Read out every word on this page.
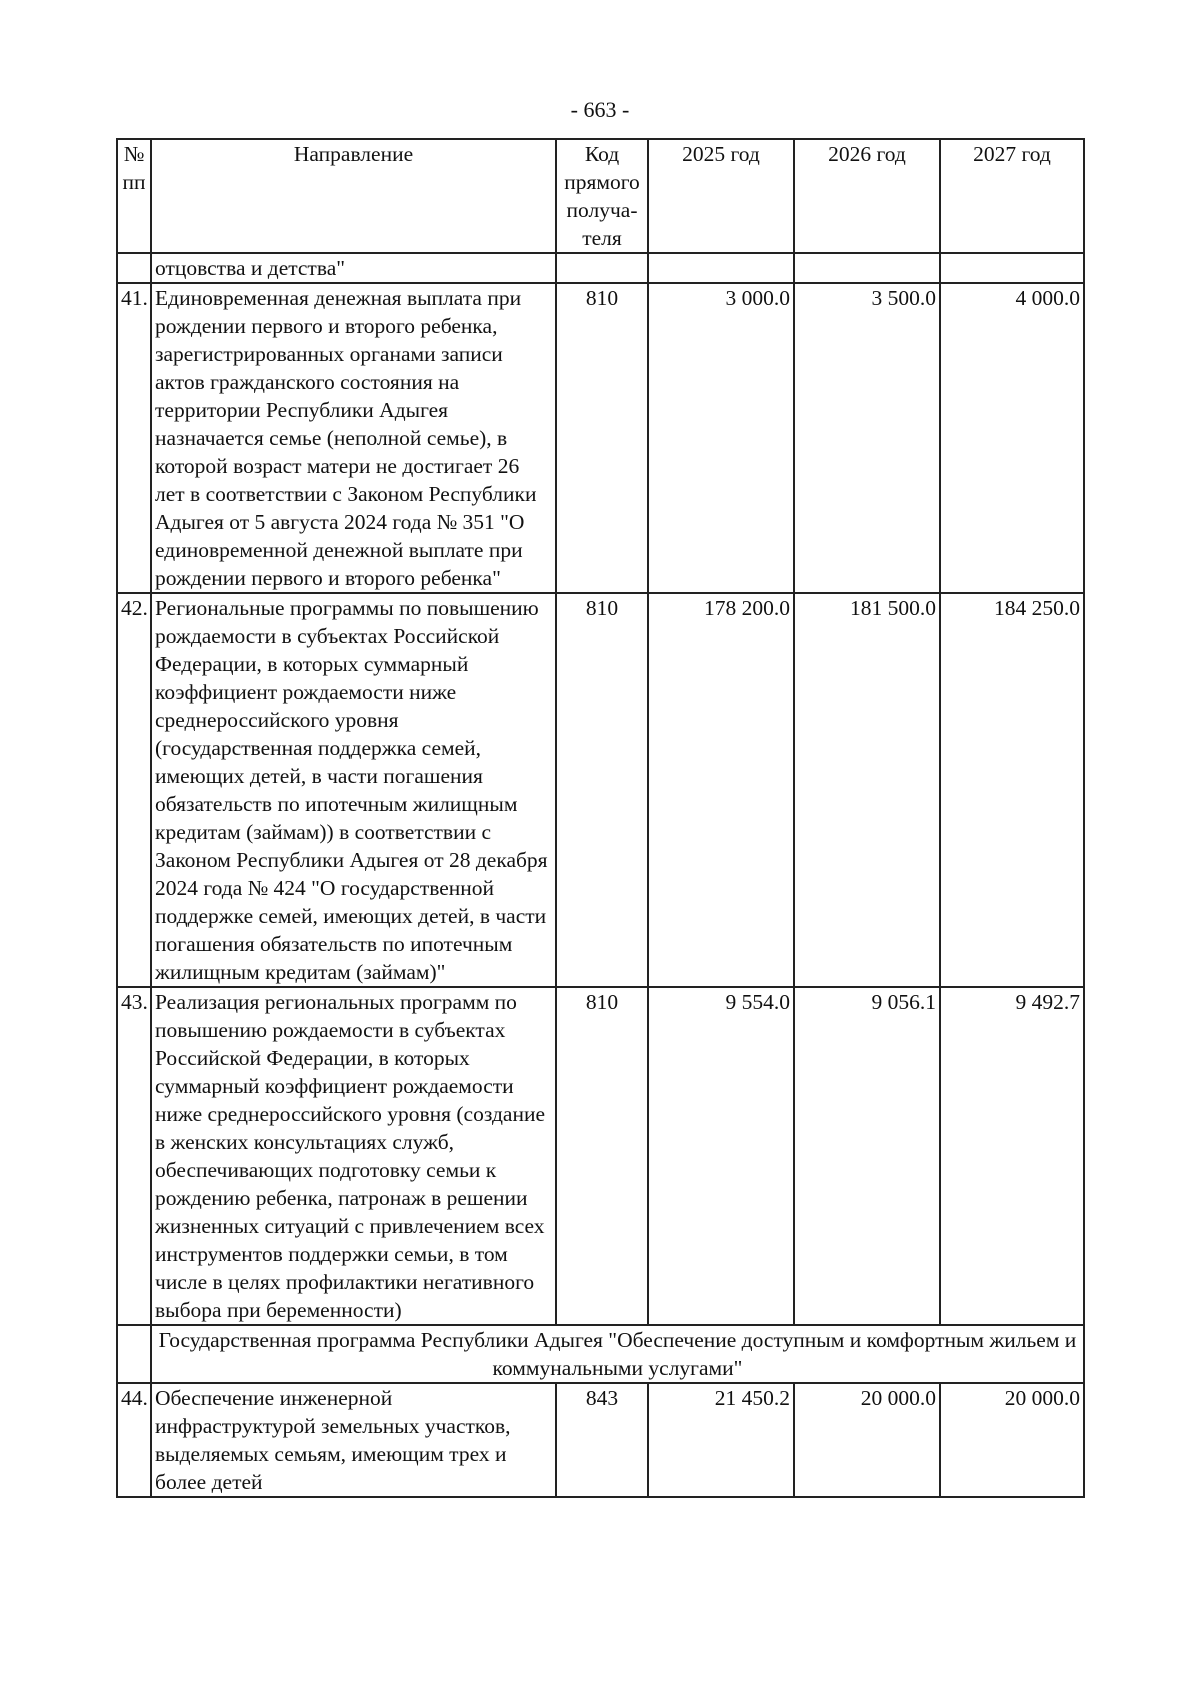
- 663 -
№ пп	Направление	Код прямого получа-теля	2025 год	2026 год	2027 год
	отцовства и детства"				
41.	Единовременная денежная выплата при рождении первого и второго ребенка, зарегистрированных органами записи актов гражданского состояния на территории Республики Адыгея назначается семье (неполной семье), в которой возраст матери не достигает 26 лет в соответствии с Законом Республики Адыгея от 5 августа 2024 года № 351 "О единовременной денежной выплате при рождении первого и второго ребенка"	810	3 000.0	3 500.0	4 000.0
42.	Региональные программы по повышению рождаемости в субъектах Российской Федерации, в которых суммарный коэффициент рождаемости ниже среднероссийского уровня (государственная поддержка семей, имеющих детей, в части погашения обязательств по ипотечным жилищным кредитам (займам)) в соответствии с Законом Республики Адыгея от 28 декабря 2024 года № 424 "О государственной поддержке семей, имеющих детей, в части погашения обязательств по ипотечным жилищным кредитам (займам)"	810	178 200.0	181 500.0	184 250.0
43.	Реализация региональных программ по повышению рождаемости в субъектах Российской Федерации, в которых суммарный коэффициент рождаемости ниже среднероссийского уровня (создание в женских консультациях служб, обеспечивающих подготовку семьи к рождению ребенка, патронаж в решении жизненных ситуаций с привлечением всех инструментов поддержки семьи, в том числе в целях профилактики негативного выбора при беременности)	810	9 554.0	9 056.1	9 492.7
	Государственная программа Республики Адыгея "Обеспечение доступным и комфортным жильем и коммунальными услугами"				
44.	Обеспечение инженерной инфраструктурой земельных участков, выделяемых семьям, имеющим трех и более детей	843	21 450.2	20 000.0	20 000.0
